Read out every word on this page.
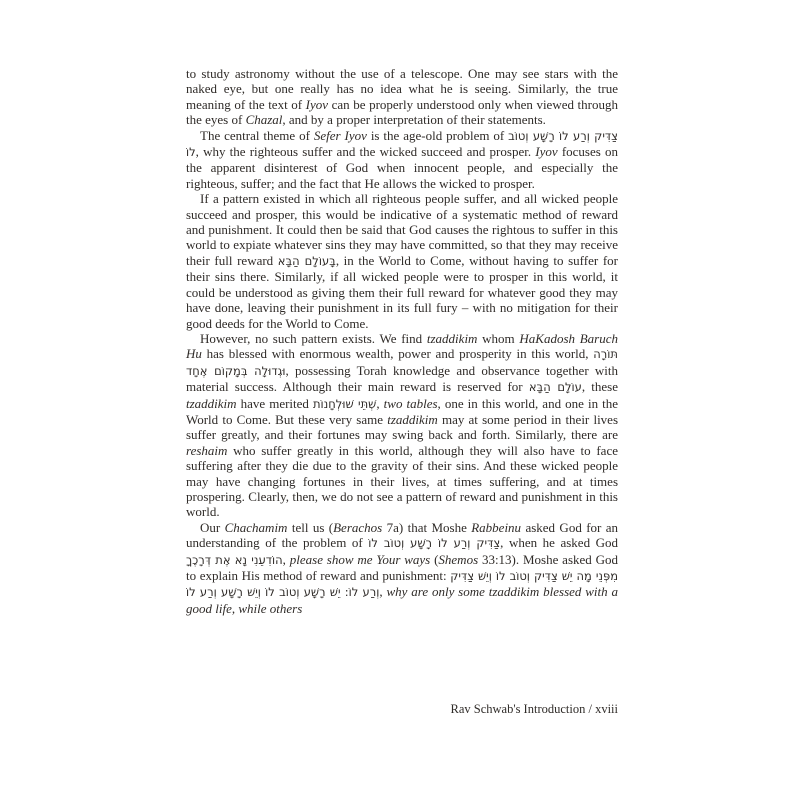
to study astronomy without the use of a telescope. One may see stars with the naked eye, but one really has no idea what he is seeing. Similarly, the true meaning of the text of Iyov can be properly understood only when viewed through the eyes of Chazal, and by a proper interpretation of their statements.

The central theme of Sefer Iyov is the age-old problem of צַדִּיק וְרַע לוֹ רָשָׁע וְטוֹב לוֹ, why the righteous suffer and the wicked succeed and prosper. Iyov focuses on the apparent disinterest of God when innocent people, and especially the righteous, suffer; and the fact that He allows the wicked to prosper.

If a pattern existed in which all righteous people suffer, and all wicked people succeed and prosper, this would be indicative of a systematic method of reward and punishment. It could then be said that God causes the rightous to suffer in this world to expiate whatever sins they may have committed, so that they may receive their full reward בָּעוֹלָם הַבָּא, in the World to Come, without having to suffer for their sins there. Similarly, if all wicked people were to prosper in this world, it could be understood as giving them their full reward for whatever good they may have done, leaving their punishment in its full fury – with no mitigation for their good deeds for the World to Come.

However, no such pattern exists. We find tzaddikim whom HaKadosh Baruch Hu has blessed with enormous wealth, power and prosperity in this world, תּוֹרָה וּגְדוּלָה בְּמָקוֹם אֶחָד, possessing Torah knowledge and observance together with material success. Although their main reward is reserved for עוֹלָם הַבָּא, these tzaddikim have merited שְׁתֵּי שׁוּלְחָנוֹת, two tables, one in this world, and one in the World to Come. But these very same tzaddikim may at some period in their lives suffer greatly, and their fortunes may swing back and forth. Similarly, there are reshaim who suffer greatly in this world, although they will also have to face suffering after they die due to the gravity of their sins. And these wicked people may have changing fortunes in their lives, at times suffering, and at times prospering. Clearly, then, we do not see a pattern of reward and punishment in this world.

Our Chachamim tell us (Berachos 7a) that Moshe Rabbeinu asked God for an understanding of the problem of צַדִּיק וְרַע לוֹ רָשָׁע וְטוֹב לוֹ, when he asked God הוֹדִעֵנִי נָא אֶת דְּרָכֶךָ, please show me Your ways (Shemos 33:13). Moshe asked God to explain His method of reward and punishment: מִפְּנֵי מָה יֵשׁ צַדִּיק וְטוֹב לוֹ וְיֵשׁ צַדִּיק וְרַע לוֹ: יֵשׁ רָשָׁע וְטוֹב לוֹ וְיֵשׁ רָשָׁע וְרַע לוֹ, why are only some tzaddikim blessed with a good life, while others

Rav Schwab's Introduction / xviii
